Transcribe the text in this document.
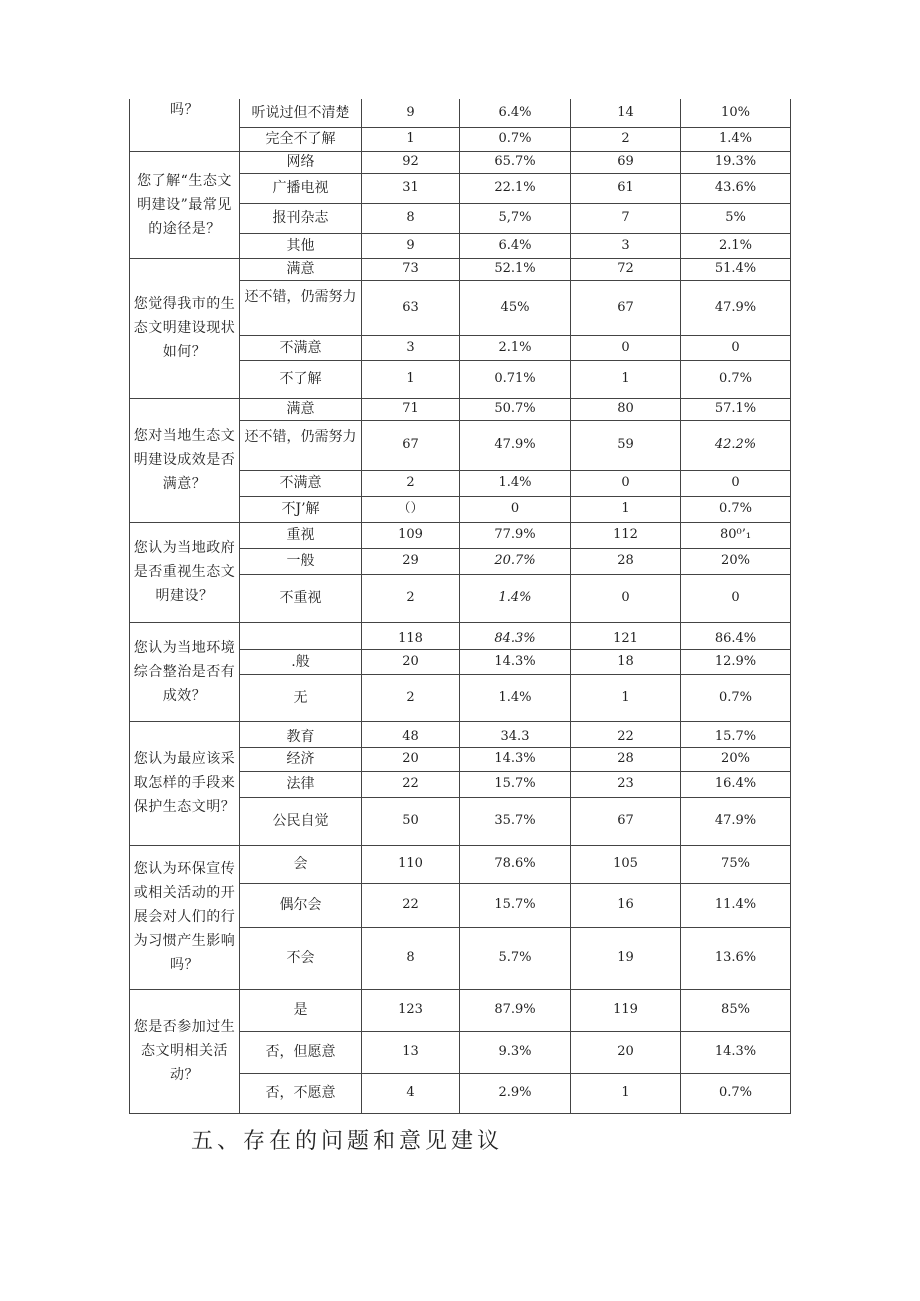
吗？	听说过但不清楚	9	6.4%	14	10%
	完全不了解	1	0.7%	2	1.4%
您了解“生态文明建设”最常见的途径是？	网络	92	65.7%	69	19.3%
	广播电视	31	22.1%	61	43.6%
	报刊杂志	8	5,7%	7	5%
	其他	9	6.4%	3	2.1%
您觉得我市的生态文明建设现状如何？	满意	73	52.1%	72	51.4%
	还不错，仍需努力	63	45%	67	47.9%
	不满意	3	2.1%	0	0
	不了解	1	0.71%	1	0.7%
您对当地生态文明建设成效是否满意？	满意	71	50.7%	80	57.1%
	还不错，仍需努力	67	47.9%	59	42.2%
	不满意	2	1.4%	0	0
	不J’解	（）	0	1	0.7%
您认为当地政府是否重视生态文明建设？	重视	109	77.9%	112	80⁰’₁
	一般	29	20.7%	28	20%
	不重视	2	1.4%	0	0
您认为当地环境综合整治是否有成效？		118	84.3%	121	86.4%
	.般	20	14.3%	18	12.9%
	无	2	1.4%	1	0.7%
您认为最应该采取怎样的手段来保护生态文明？	教育	48	34.3	22	15.7%
	经济	20	14.3%	28	20%
	法律	22	15.7%	23	16.4%
	公民自觉	50	35.7%	67	47.9%
您认为环保宣传或相关活动的开展会对人们的行为习惯产生影响吗？	会	110	78.6%	105	75%
	偶尔会	22	15.7%	16	11.4%
	不会	8	5.7%	19	13.6%
您是否参加过生态文明相关活动？	是	123	87.9%	119	85%
	否，但愿意	13	9.3%	20	14.3%
	否，不愿意	4	2.9%	1	0.7%
五、存在的问题和意见建议
